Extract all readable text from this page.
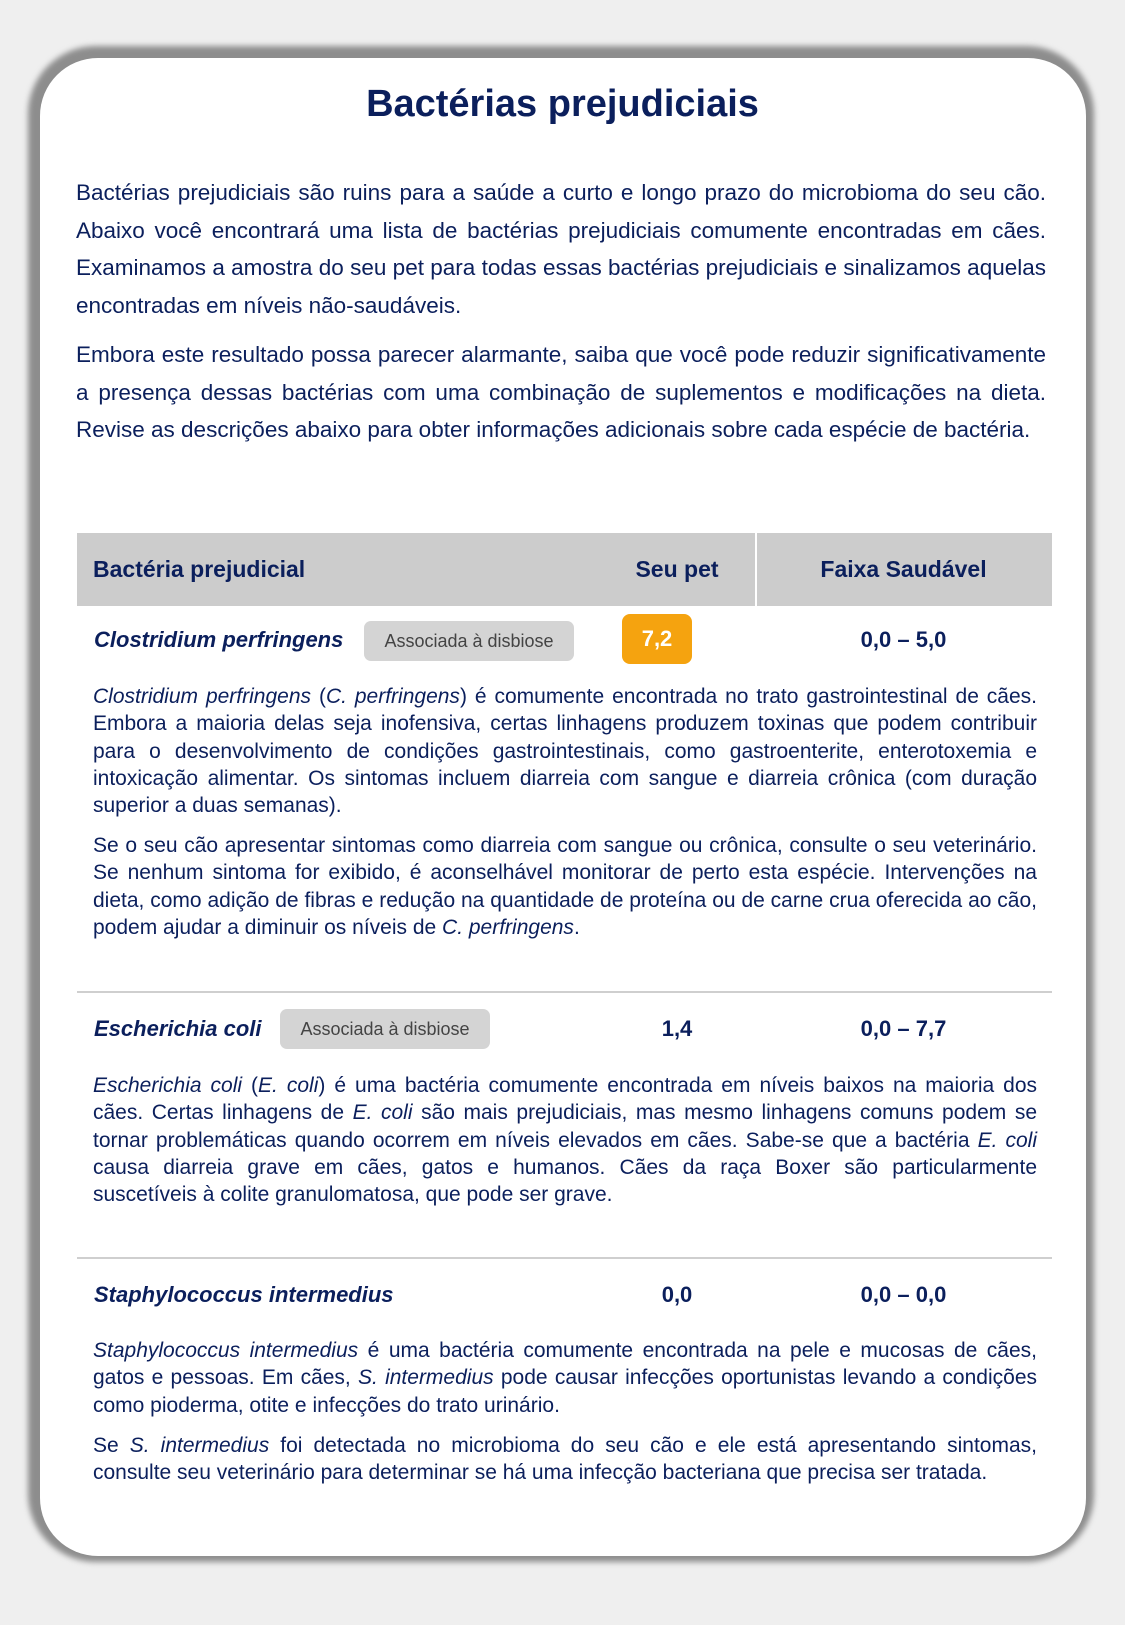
Bactérias prejudiciais

Bactérias prejudiciais são ruins para a saúde a curto e longo prazo do microbioma do seu cão. Abaixo você encontrará uma lista de bactérias prejudiciais comumente encontradas em cães. Examinamos a amostra do seu pet para todas essas bactérias prejudiciais e sinalizamos aquelas encontradas em níveis não-saudáveis.

Embora este resultado possa parecer alarmante, saiba que você pode reduzir significativamente a presença dessas bactérias com uma combinação de suplementos e modificações na dieta. Revise as descrições abaixo para obter informações adicionais sobre cada espécie de bactéria.

Bactéria prejudicial	Seu pet	Faixa Saudável
Clostridium perfringens	Associada à disbiose	7,2	0,0 – 5,0

Clostridium perfringens (C. perfringens) é comumente encontrada no trato gastrointestinal de cães. Embora a maioria delas seja inofensiva, certas linhagens produzem toxinas que podem contribuir para o desenvolvimento de condições gastrointestinais, como gastroenterite, enterotoxemia e intoxicação alimentar. Os sintomas incluem diarreia com sangue e diarreia crônica (com duração superior a duas semanas).

Se o seu cão apresentar sintomas como diarreia com sangue ou crônica, consulte o seu veterinário. Se nenhum sintoma for exibido, é aconselhável monitorar de perto esta espécie. Intervenções na dieta, como adição de fibras e redução na quantidade de proteína ou de carne crua oferecida ao cão, podem ajudar a diminuir os níveis de C. perfringens.

Escherichia coli	Associada à disbiose	1,4	0,0 – 7,7

Escherichia coli (E. coli) é uma bactéria comumente encontrada em níveis baixos na maioria dos cães. Certas linhagens de E. coli são mais prejudiciais, mas mesmo linhagens comuns podem se tornar problemáticas quando ocorrem em níveis elevados em cães. Sabe-se que a bactéria E. coli causa diarreia grave em cães, gatos e humanos. Cães da raça Boxer são particularmente suscetíveis à colite granulomatosa, que pode ser grave.

Staphylococcus intermedius	0,0	0,0 – 0,0

Staphylococcus intermedius é uma bactéria comumente encontrada na pele e mucosas de cães, gatos e pessoas. Em cães, S. intermedius pode causar infecções oportunistas levando a condições como pioderma, otite e infecções do trato urinário.

Se S. intermedius foi detectada no microbioma do seu cão e ele está apresentando sintomas, consulte seu veterinário para determinar se há uma infecção bacteriana que precisa ser tratada.
